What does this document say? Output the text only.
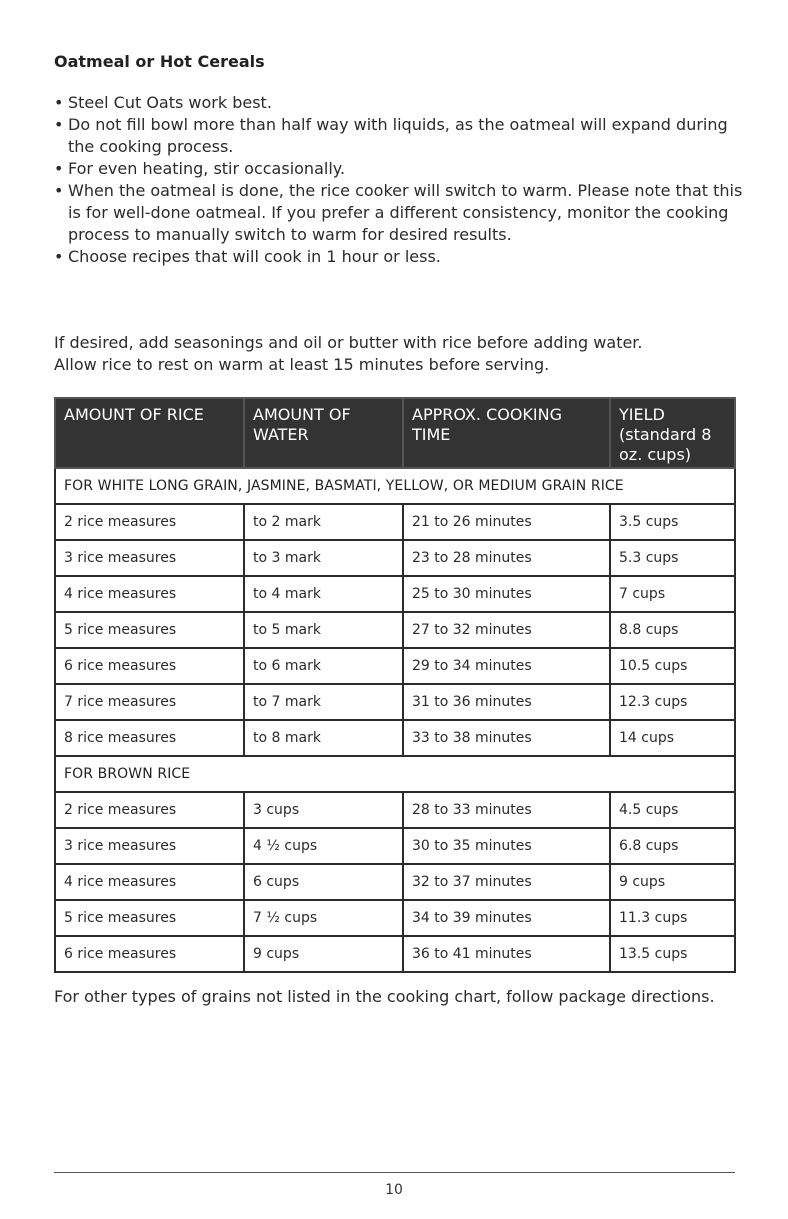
Oatmeal or Hot Cereals
• Steel Cut Oats work best.
• Do not fill bowl more than half way with liquids, as the oatmeal will expand during the cooking process.
• For even heating, stir occasionally.
• When the oatmeal is done, the rice cooker will switch to warm. Please note that this is for well-done oatmeal. If you prefer a different consistency, monitor the cooking process to manually switch to warm for desired results.
• Choose recipes that will cook in 1 hour or less.

If desired, add seasonings and oil or butter with rice before adding water.

Allow rice to rest on warm at least 15 minutes before serving.

AMOUNT OF RICE	AMOUNT OF WATER	APPROX. COOKING TIME	YIELD (standard 8 oz. cups)
FOR WHITE LONG GRAIN, JASMINE, BASMATI, YELLOW, OR MEDIUM GRAIN RICE			
2 rice measures	to 2 mark	21 to 26 minutes	3.5 cups
3 rice measures	to 3 mark	23 to 28 minutes	5.3 cups
4 rice measures	to 4 mark	25 to 30 minutes	7 cups
5 rice measures	to 5 mark	27 to 32 minutes	8.8 cups
6 rice measures	to 6 mark	29 to 34 minutes	10.5 cups
7 rice measures	to 7 mark	31 to 36 minutes	12.3 cups
8 rice measures	to 8 mark	33 to 38 minutes	14 cups
FOR BROWN RICE			
2 rice measures	3 cups	28 to 33 minutes	4.5 cups
3 rice measures	4 ½ cups	30 to 35 minutes	6.8 cups
4 rice measures	6 cups	32 to 37 minutes	9 cups
5 rice measures	7 ½ cups	34 to 39 minutes	11.3 cups
6 rice measures	9 cups	36 to 41 minutes	13.5 cups
For other types of grains not listed in the cooking chart, follow package directions.
10
